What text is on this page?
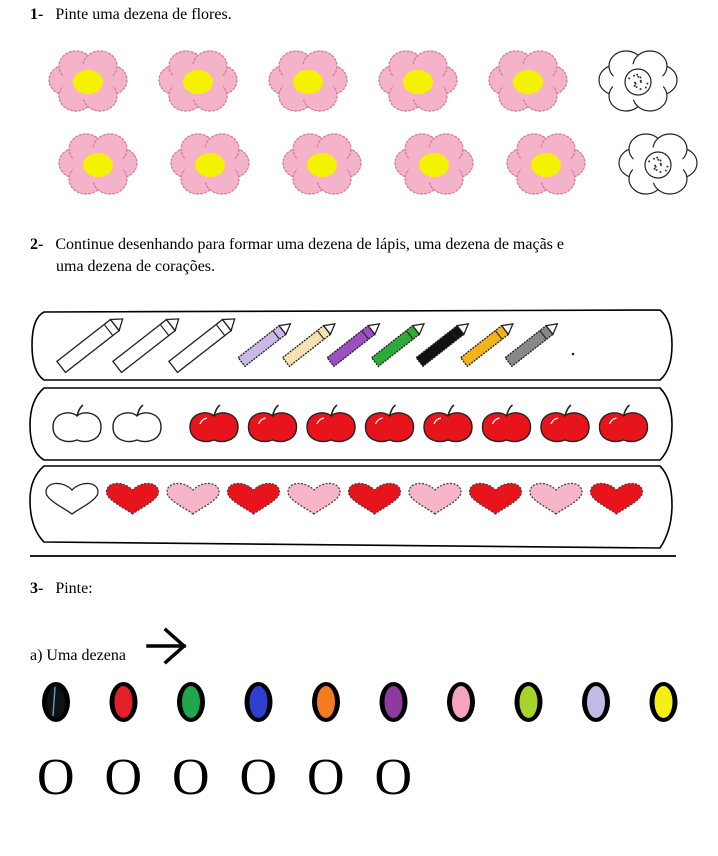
1- Pinte uma dezena de flores.
2- Continue desenhando para formar uma dezena de lápis, uma dezena de maçãs e
uma dezena de corações.
3- Pinte:
a) Uma dezena
O O O O O O
